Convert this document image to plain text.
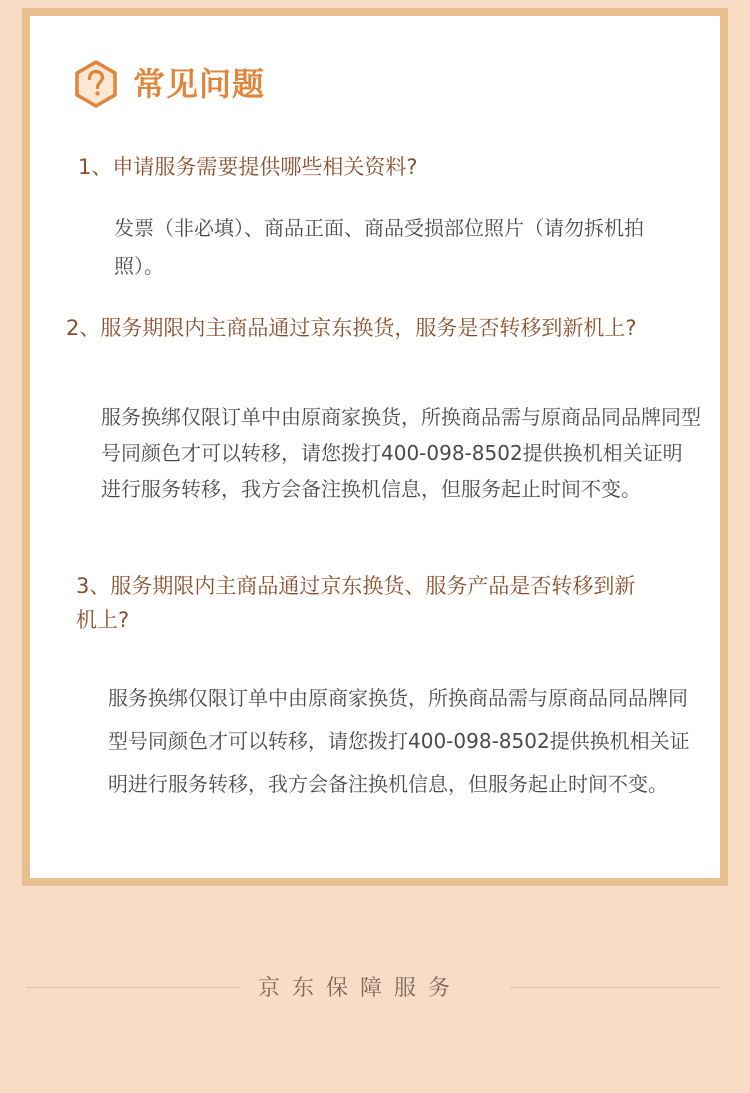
常见问题

1、申请服务需要提供哪些相关资料?

发票（非必填）、商品正面、商品受损部位照片（请勿拆机拍照）。

2、服务期限内主商品通过京东换货，服务是否转移到新机上?

服务换绑仅限订单中由原商家换货，所换商品需与原商品同品牌同型号同颜色才可以转移，请您拨打400-098-8502提供换机相关证明进行服务转移，我方会备注换机信息，但服务起止时间不变。

3、服务期限内主商品通过京东换货、服务产品是否转移到新机上?

服务换绑仅限订单中由原商家换货，所换商品需与原商品同品牌同型号同颜色才可以转移，请您拨打400-098-8502提供换机相关证明进行服务转移，我方会备注换机信息，但服务起止时间不变。

京东保障服务
